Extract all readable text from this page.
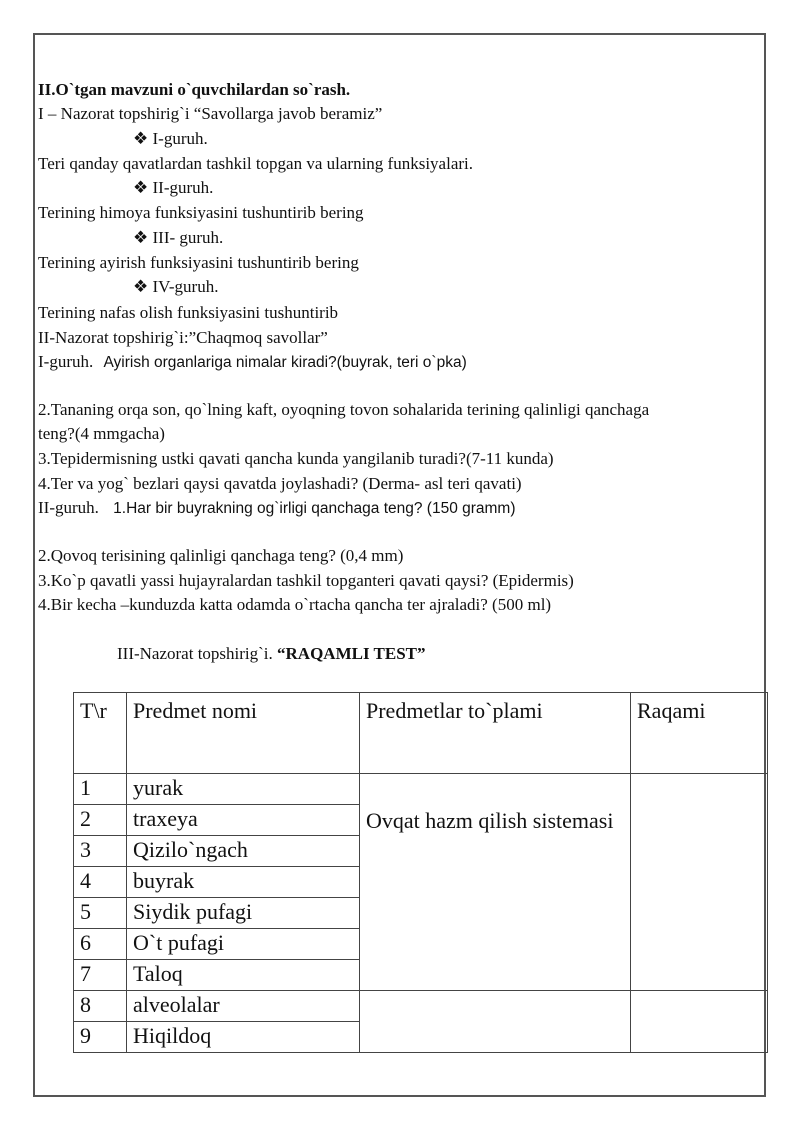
II.O`tgan mavzuni o`quvchilardan so`rash.
I – Nazorat topshirig`i “Savollarga javob beramiz”
❖ I-guruh.
Teri qanday qavatlardan tashkil topgan va ularning funksiyalari.
❖ II-guruh.
Terining himoya funksiyasini tushuntirib bering
❖ III- guruh.
Terining ayirish funksiyasini tushuntirib bering
❖ IV-guruh.
Terining nafas olish funksiyasini tushuntirib
II-Nazorat topshirig`i:”Chaqmoq savollar”
I-guruh. Ayirish organlariga nimalar kiradi?(buyrak, teri o`pka)
2.Tananing orqa son, qo`lning kaft, oyoqning tovon sohalarida terining qalinligi qanchaga
teng?(4 mmgacha)
3.Tepidermisning ustki qavati qancha kunda yangilanib turadi?(7-11 kunda)
4.Ter va yog` bezlari qaysi qavatda joylashadi? (Derma- asl teri qavati)
II-guruh. 1.Har bir buyrakning og`irligi qanchaga teng? (150 gramm)
2.Qovoq terisining qalinligi qanchaga teng? (0,4 mm)
3.Ko`p qavatli yassi hujayralardan tashkil topganteri qavati qaysi? (Epidermis)
4.Bir kecha –kunduzda katta odamda o`rtacha qancha ter ajraladi? (500 ml)
III-Nazorat topshirig`i. “RAQAMLI TEST”
T\r	Predmet nomi	Predmetlar to`plami	Raqami
1	yurak	Ovqat hazm qilish sistemasi	
2	traxeya		
3	Qizilo`ngach		
4	buyrak		
5	Siydik pufagi		
6	O`t pufagi		
7	Taloq		
8	alveolalar		
9	Hiqildoq		
